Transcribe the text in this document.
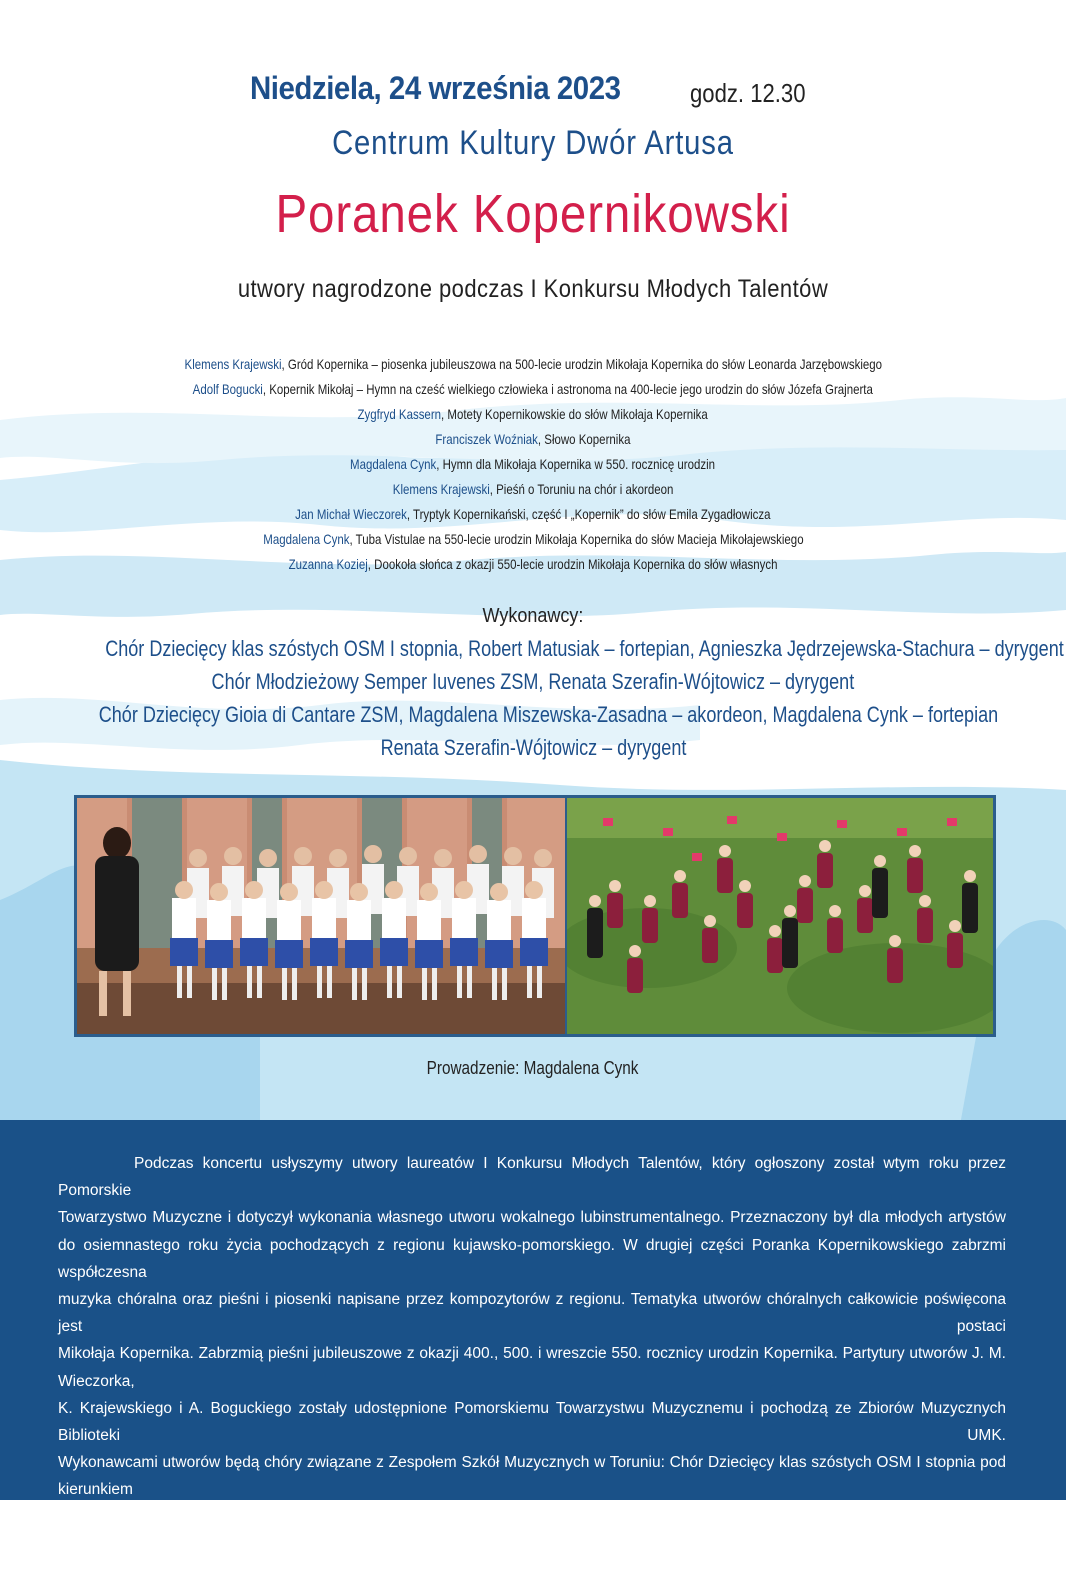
Niedziela, 24 września 2023	godz. 12.30
Centrum Kultury Dwór Artusa
Poranek Kopernikowski
utwory nagrodzone podczas I Konkursu Młodych Talentów
Klemens Krajewski, Gród Kopernika – piosenka jubileuszowa na 500-lecie urodzin Mikołaja Kopernika do słów Leonarda Jarzębowskiego
Adolf Bogucki, Kopernik Mikołaj – Hymn na cześć wielkiego człowieka i astronoma na 400-lecie jego urodzin do słów Józefa Grajnerta
Zygfryd Kassern, Motety Kopernikowskie do słów Mikołaja Kopernika
Franciszek Woźniak, Słowo Kopernika
Magdalena Cynk, Hymn dla Mikołaja Kopernika w 550. rocznicę urodzin
Klemens Krajewski, Pieśń o Toruniu na chór i akordeon
Jan Michał Wieczorek, Tryptyk Kopernikański, część I „Kopernik” do słów Emila Zygadłowicza
Magdalena Cynk, Tuba Vistulae na 550-lecie urodzin Mikołaja Kopernika do słów Macieja Mikołajewskiego
Zuzanna Koziej, Dookoła słońca z okazji 550-lecie urodzin Mikołaja Kopernika do słów własnych
Wykonawcy:
Chór Dziecięcy klas szóstych OSM I stopnia, Robert Matusiak – fortepian, Agnieszka Jędrzejewska-Stachura – dyrygent
Chór Młodzieżowy Semper Iuvenes ZSM, Renata Szerafin-Wójtowicz – dyrygent
Chór Dziecięcy Gioia di Cantare ZSM, Magdalena Miszewska-Zasadna – akordeon, Magdalena Cynk – fortepian
Renata Szerafin-Wójtowicz – dyrygent
Prowadzenie: Magdalena Cynk
Podczas koncertu usłyszymy utwory laureatów I Konkursu Młodych Talentów, który ogłoszony został wtym roku przez Pomorskie
Towarzystwo Muzyczne i dotyczył wykonania własnego utworu wokalnego lubinstrumentalnego. Przeznaczony był dla młodych artystów
do osiemnastego roku życia pochodzących z regionu kujawsko-pomorskiego. W drugiej części Poranka Kopernikowskiego zabrzmi współczesna
muzyka chóralna oraz pieśni i piosenki napisane przez kompozytorów z regionu. Tematyka utworów chóralnych całkowicie poświęcona jest postaci
Mikołaja Kopernika. Zabrzmią pieśni jubileuszowe z okazji 400., 500. i wreszcie 550. rocznicy urodzin Kopernika. Partytury utworów J. M. Wieczorka,
K. Krajewskiego i A. Boguckiego zostały udostępnione Pomorskiemu Towarzystwu Muzycznemu i pochodzą ze Zbiorów Muzycznych Biblioteki UMK.
Wykonawcami utworów będą chóry związane z Zespołem Szkół Muzycznych w Toruniu: Chór Dziecięcy klas szóstych OSM I stopnia pod kierunkiem
Agnieszki Jędrzejewskiej-Stachury, Chór Dziecięcy Gioia di Cantare, który istnieje już od 1994 oraz Chór Młodzieżowy Semper Iuvenes, którymi kieruje
od początku powstania Renata Szerafin-Wójtowicz.
